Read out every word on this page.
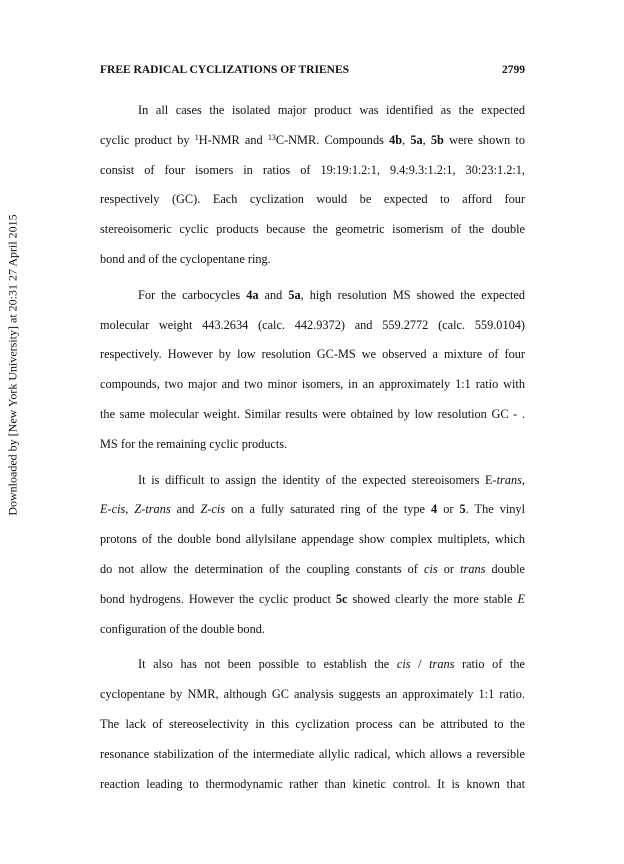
FREE RADICAL CYCLIZATIONS OF TRIENES	2799
Downloaded by [New York University] at 20:31 27 April 2015
In all cases the isolated major product was identified as the expected
cyclic product by $^1$H-NMR and $^{13}$C-NMR. Compounds 4b, 5a, 5b were shown to
consist of four isomers in ratios of 19:19:1.2:1, 9.4:9.3:1.2:1, 30:23:1.2:1,
respectively (GC). Each cyclization would be expected to afford four
stereoisomeric cyclic products because the geometric isomerism of the double
bond and of the cyclopentane ring.
For the carbocycles 4a and 5a, high resolution MS showed the expected
molecular weight 443.2634 (calc. 442.9372) and 559.2772 (calc. 559.0104)
respectively. However by low resolution GC-MS we observed a mixture of four
compounds, two major and two minor isomers, in an approximately 1:1 ratio with
the same molecular weight. Similar results were obtained by low resolution GC - .
MS for the remaining cyclic products.
It is difficult to assign the identity of the expected stereoisomers E-trans,
E-cis, Z-trans and Z-cis on a fully saturated ring of the type 4 or 5. The vinyl
protons of the double bond allylsilane appendage show complex multiplets, which
do not allow the determination of the coupling constants of cis or trans double
bond hydrogens. However the cyclic product 5c showed clearly the more stable E
configuration of the double bond.
It also has not been possible to establish the cis / trans ratio of the
cyclopentane by NMR, although GC analysis suggests an approximately 1:1 ratio.
The lack of stereoselectivity in this cyclization process can be attributed to the
resonance stabilization of the intermediate allylic radical, which allows a reversible
reaction leading to thermodynamic rather than kinetic control. It is known that
